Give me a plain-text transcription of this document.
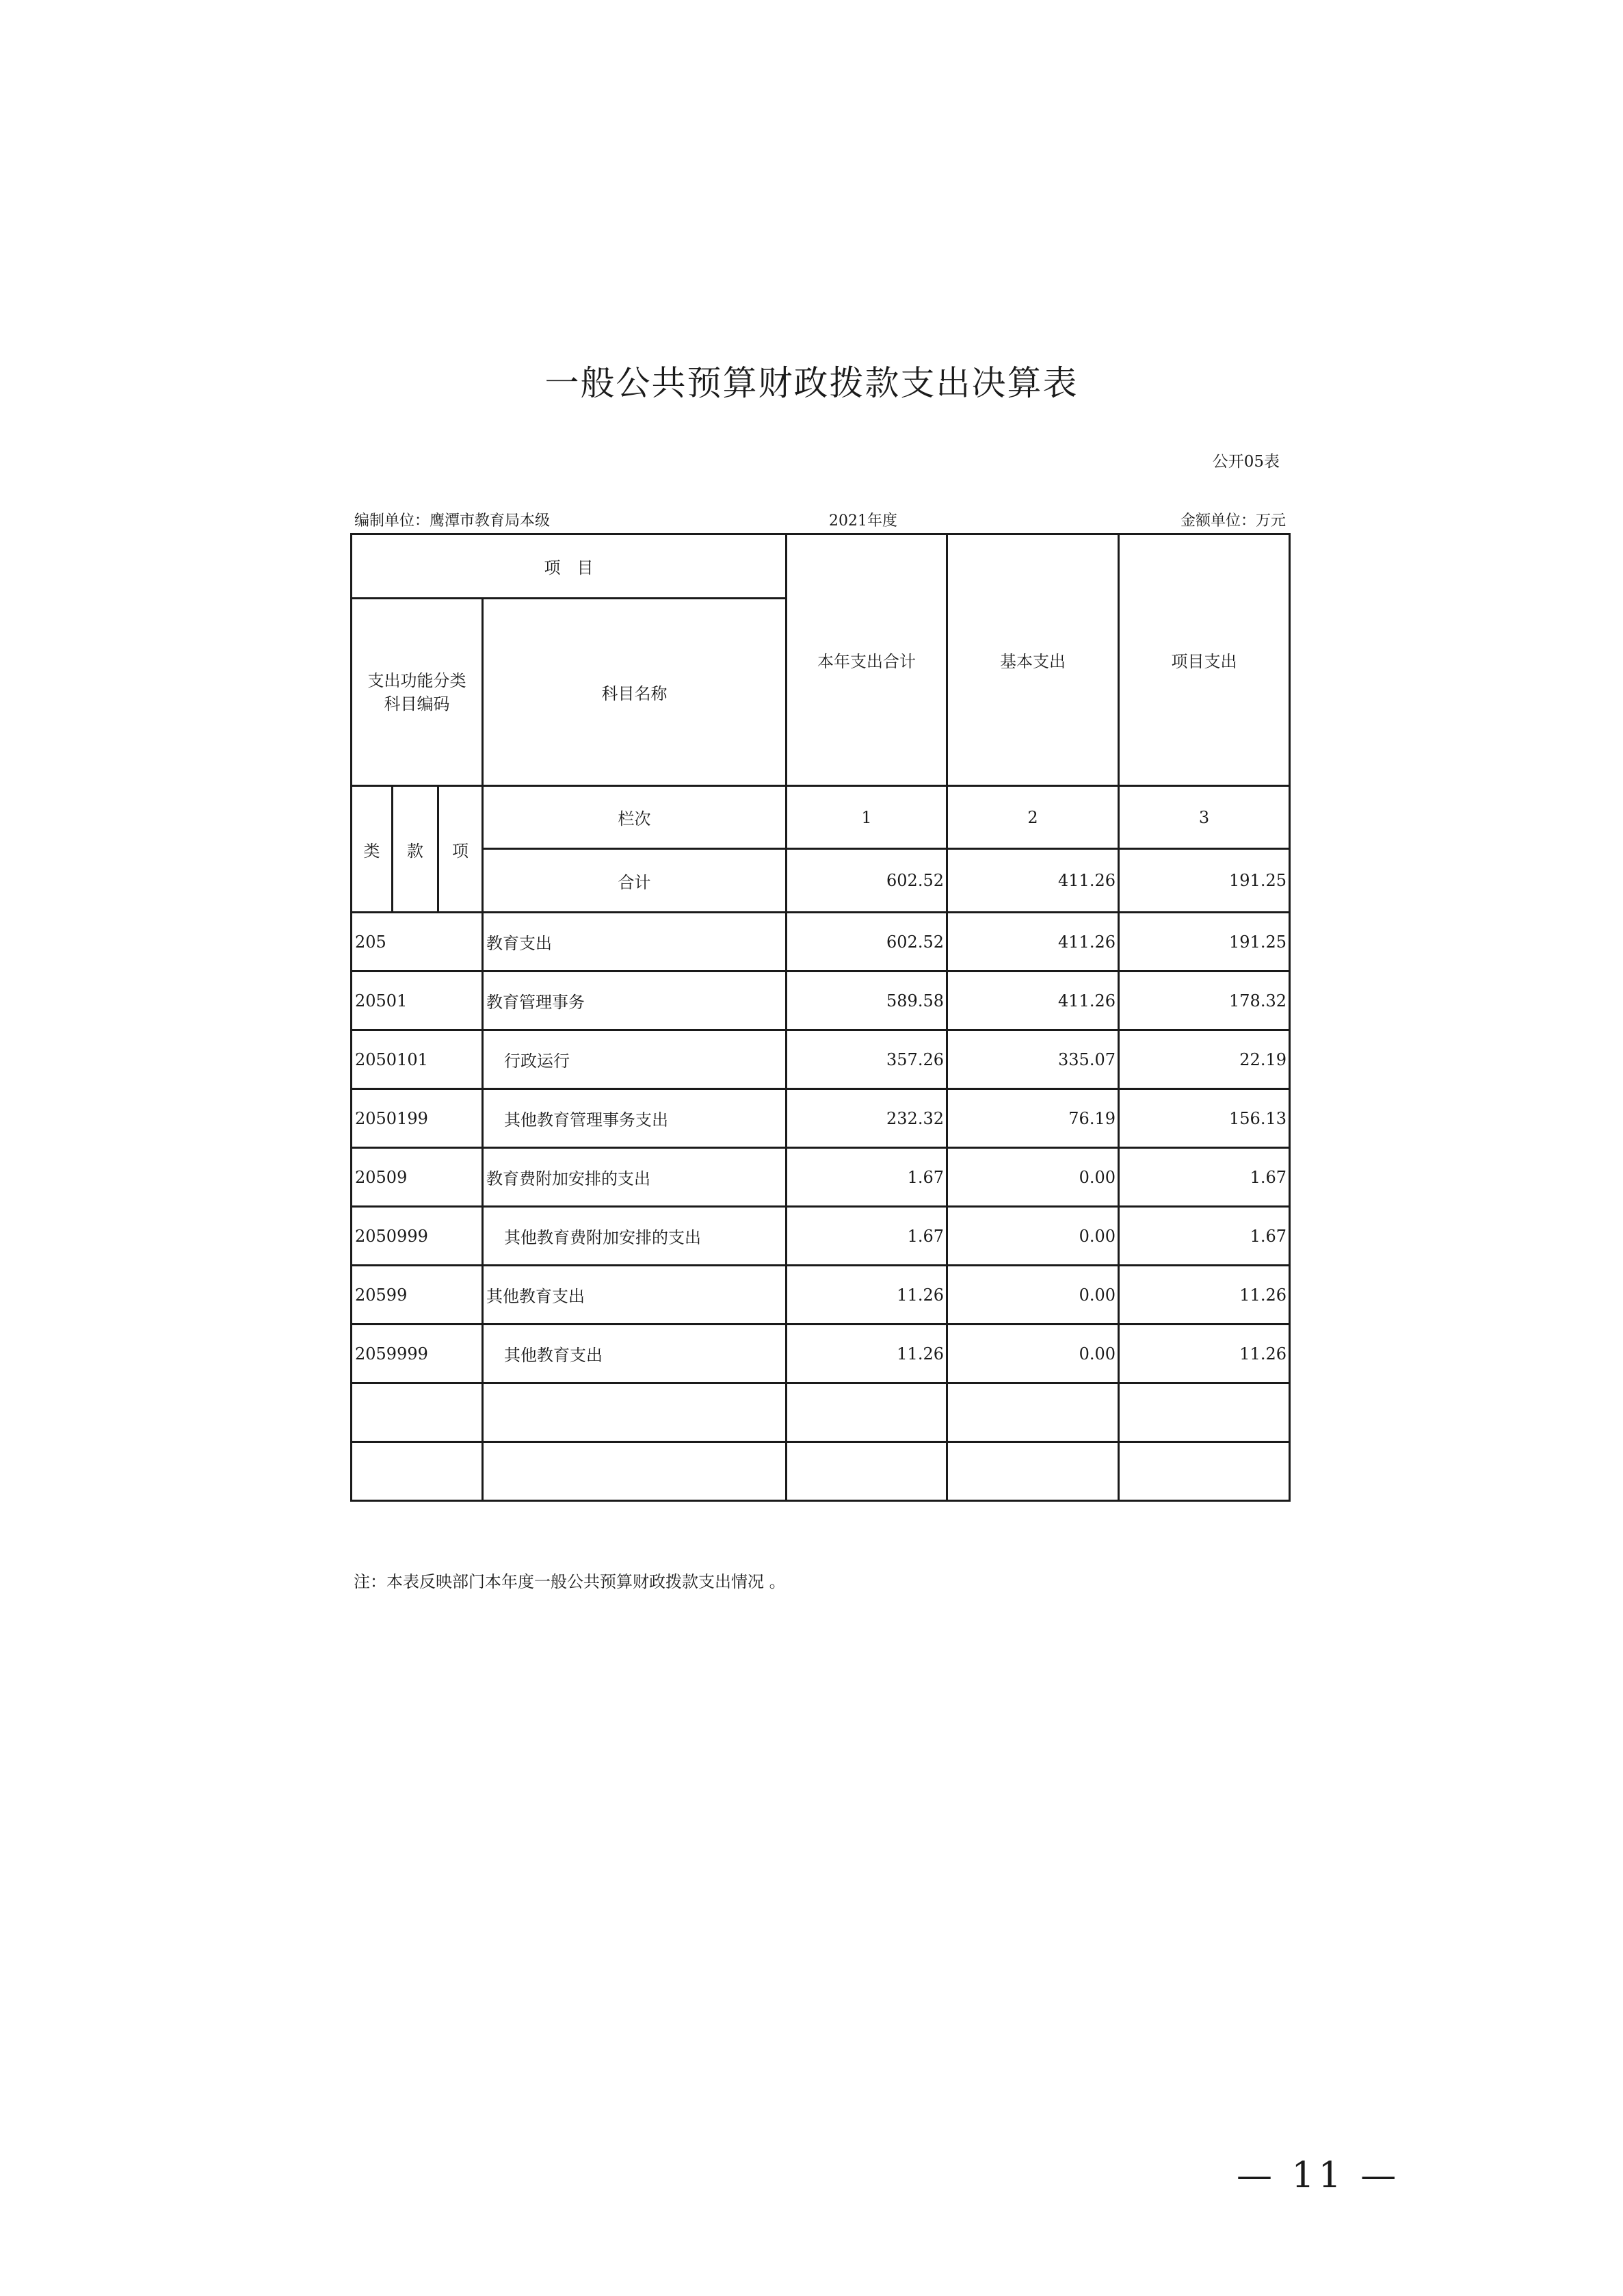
一般公共预算财政拨款支出决算表
公开05表
编制单位：鹰潭市教育局本级	2021年度	金额单位：万元
项　目				本年支出合计	基本支出	项目支出

支出功能分类
科目编码			科目名称			
类	款	项	栏次	1	2	3
			合计	602.52	411.26	191.25
205			教育支出	602.52	411.26	191.25
20501			教育管理事务	589.58	411.26	178.32
2050101			行政运行	357.26	335.07	22.19
2050199			其他教育管理事务支出	232.32	76.19	156.13
20509			教育费附加安排的支出	1.67	0.00	1.67
2050999			其他教育费附加安排的支出	1.67	0.00	1.67
20599			其他教育支出	11.26	0.00	11.26
2059999			其他教育支出	11.26	0.00	11.26

注：本表反映部门本年度一般公共预算财政拨款支出情况 。
— 11 —
